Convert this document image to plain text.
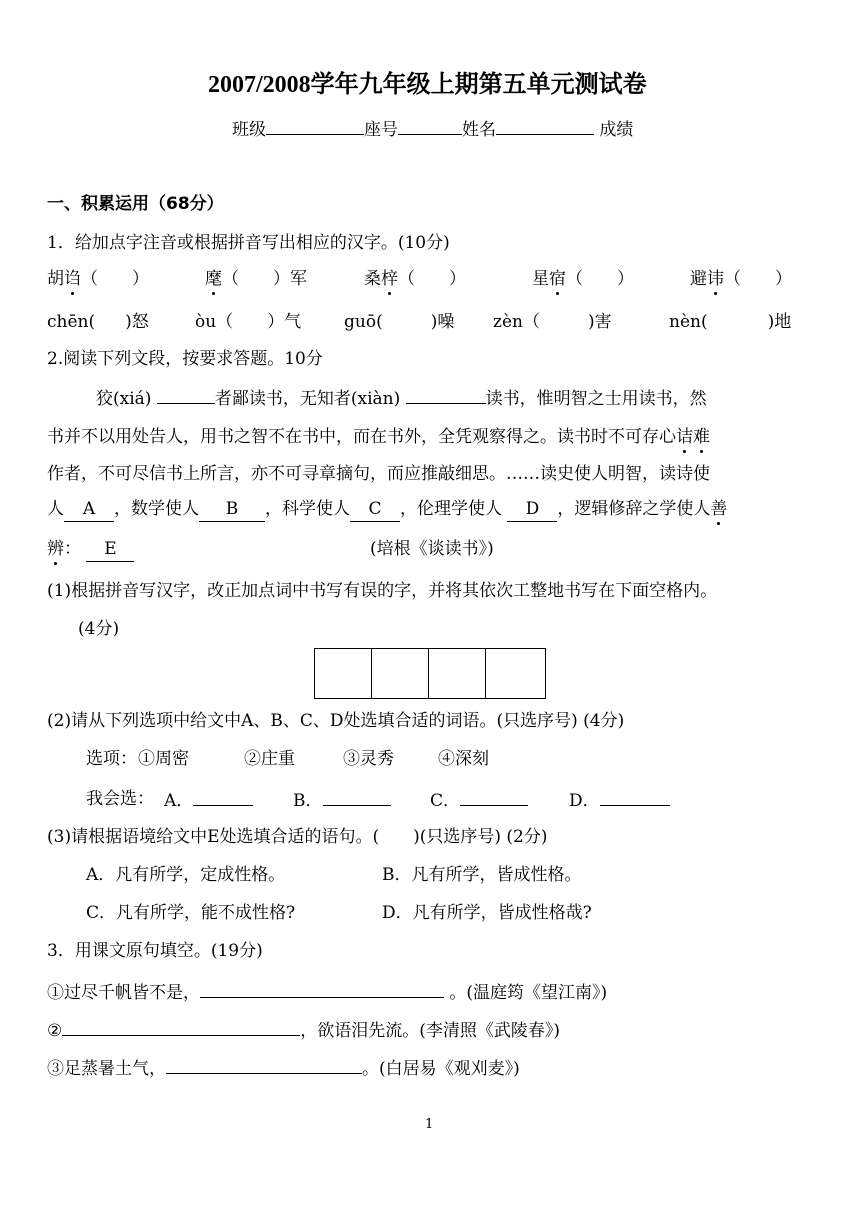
2007/2008学年九年级上期第五单元测试卷
班级	座号	姓名	成绩
一、积累运用（68分）
1．给加点字注音或根据拼音写出相应的汉字。(10分)
胡诌（　　）	麾（　　）军	桑梓（　　）	星宿（　　）	避讳（　　）
chēn( )怒	òu（ ）气	guō(	)噪 zèn（	)害	nèn(	)地
2.阅读下列文段，按要求答题。10分
狡(xiá)	者鄙读书，无知者(xiàn)	读书，惟明智之士用读书，然
书并不以用处告人，用书之智不在书中，而在书外，全凭观察得之。读书时不可存心诘难
作者，不可尽信书上所言，亦不可寻章摘句，而应推敲细思。……读史使人明智，读诗使
人 A ，数学使人 B ，科学使人 C ，伦理学使人 D ，逻辑修辞之学使人善
辨： E	(培根《谈读书》)
(1)根据拼音写汉字，改正加点词中书写有误的字，并将其依次工整地书写在下面空格内。
(4分)
(2)请从下列选项中给文中A、B、C、D处选填合适的词语。(只选序号) (4分)
选项： ①周密	②庄重	③灵秀	④深刻
我会选： A．	B．	C．	D．
(3)请根据语境给文中E处选填合适的语句。(　　)(只选序号) (2分)
A．凡有所学，定成性格。	B．凡有所学，皆成性格。
C．凡有所学，能不成性格?	D．凡有所学，皆成性格哉?
3．用课文原句填空。(19分)
①过尽千帆皆不是，	。(温庭筠《望江南》)
②	，欲语泪先流。(李清照《武陵春》)
③足蒸暑土气，	。(白居易《观刈麦》)
1
